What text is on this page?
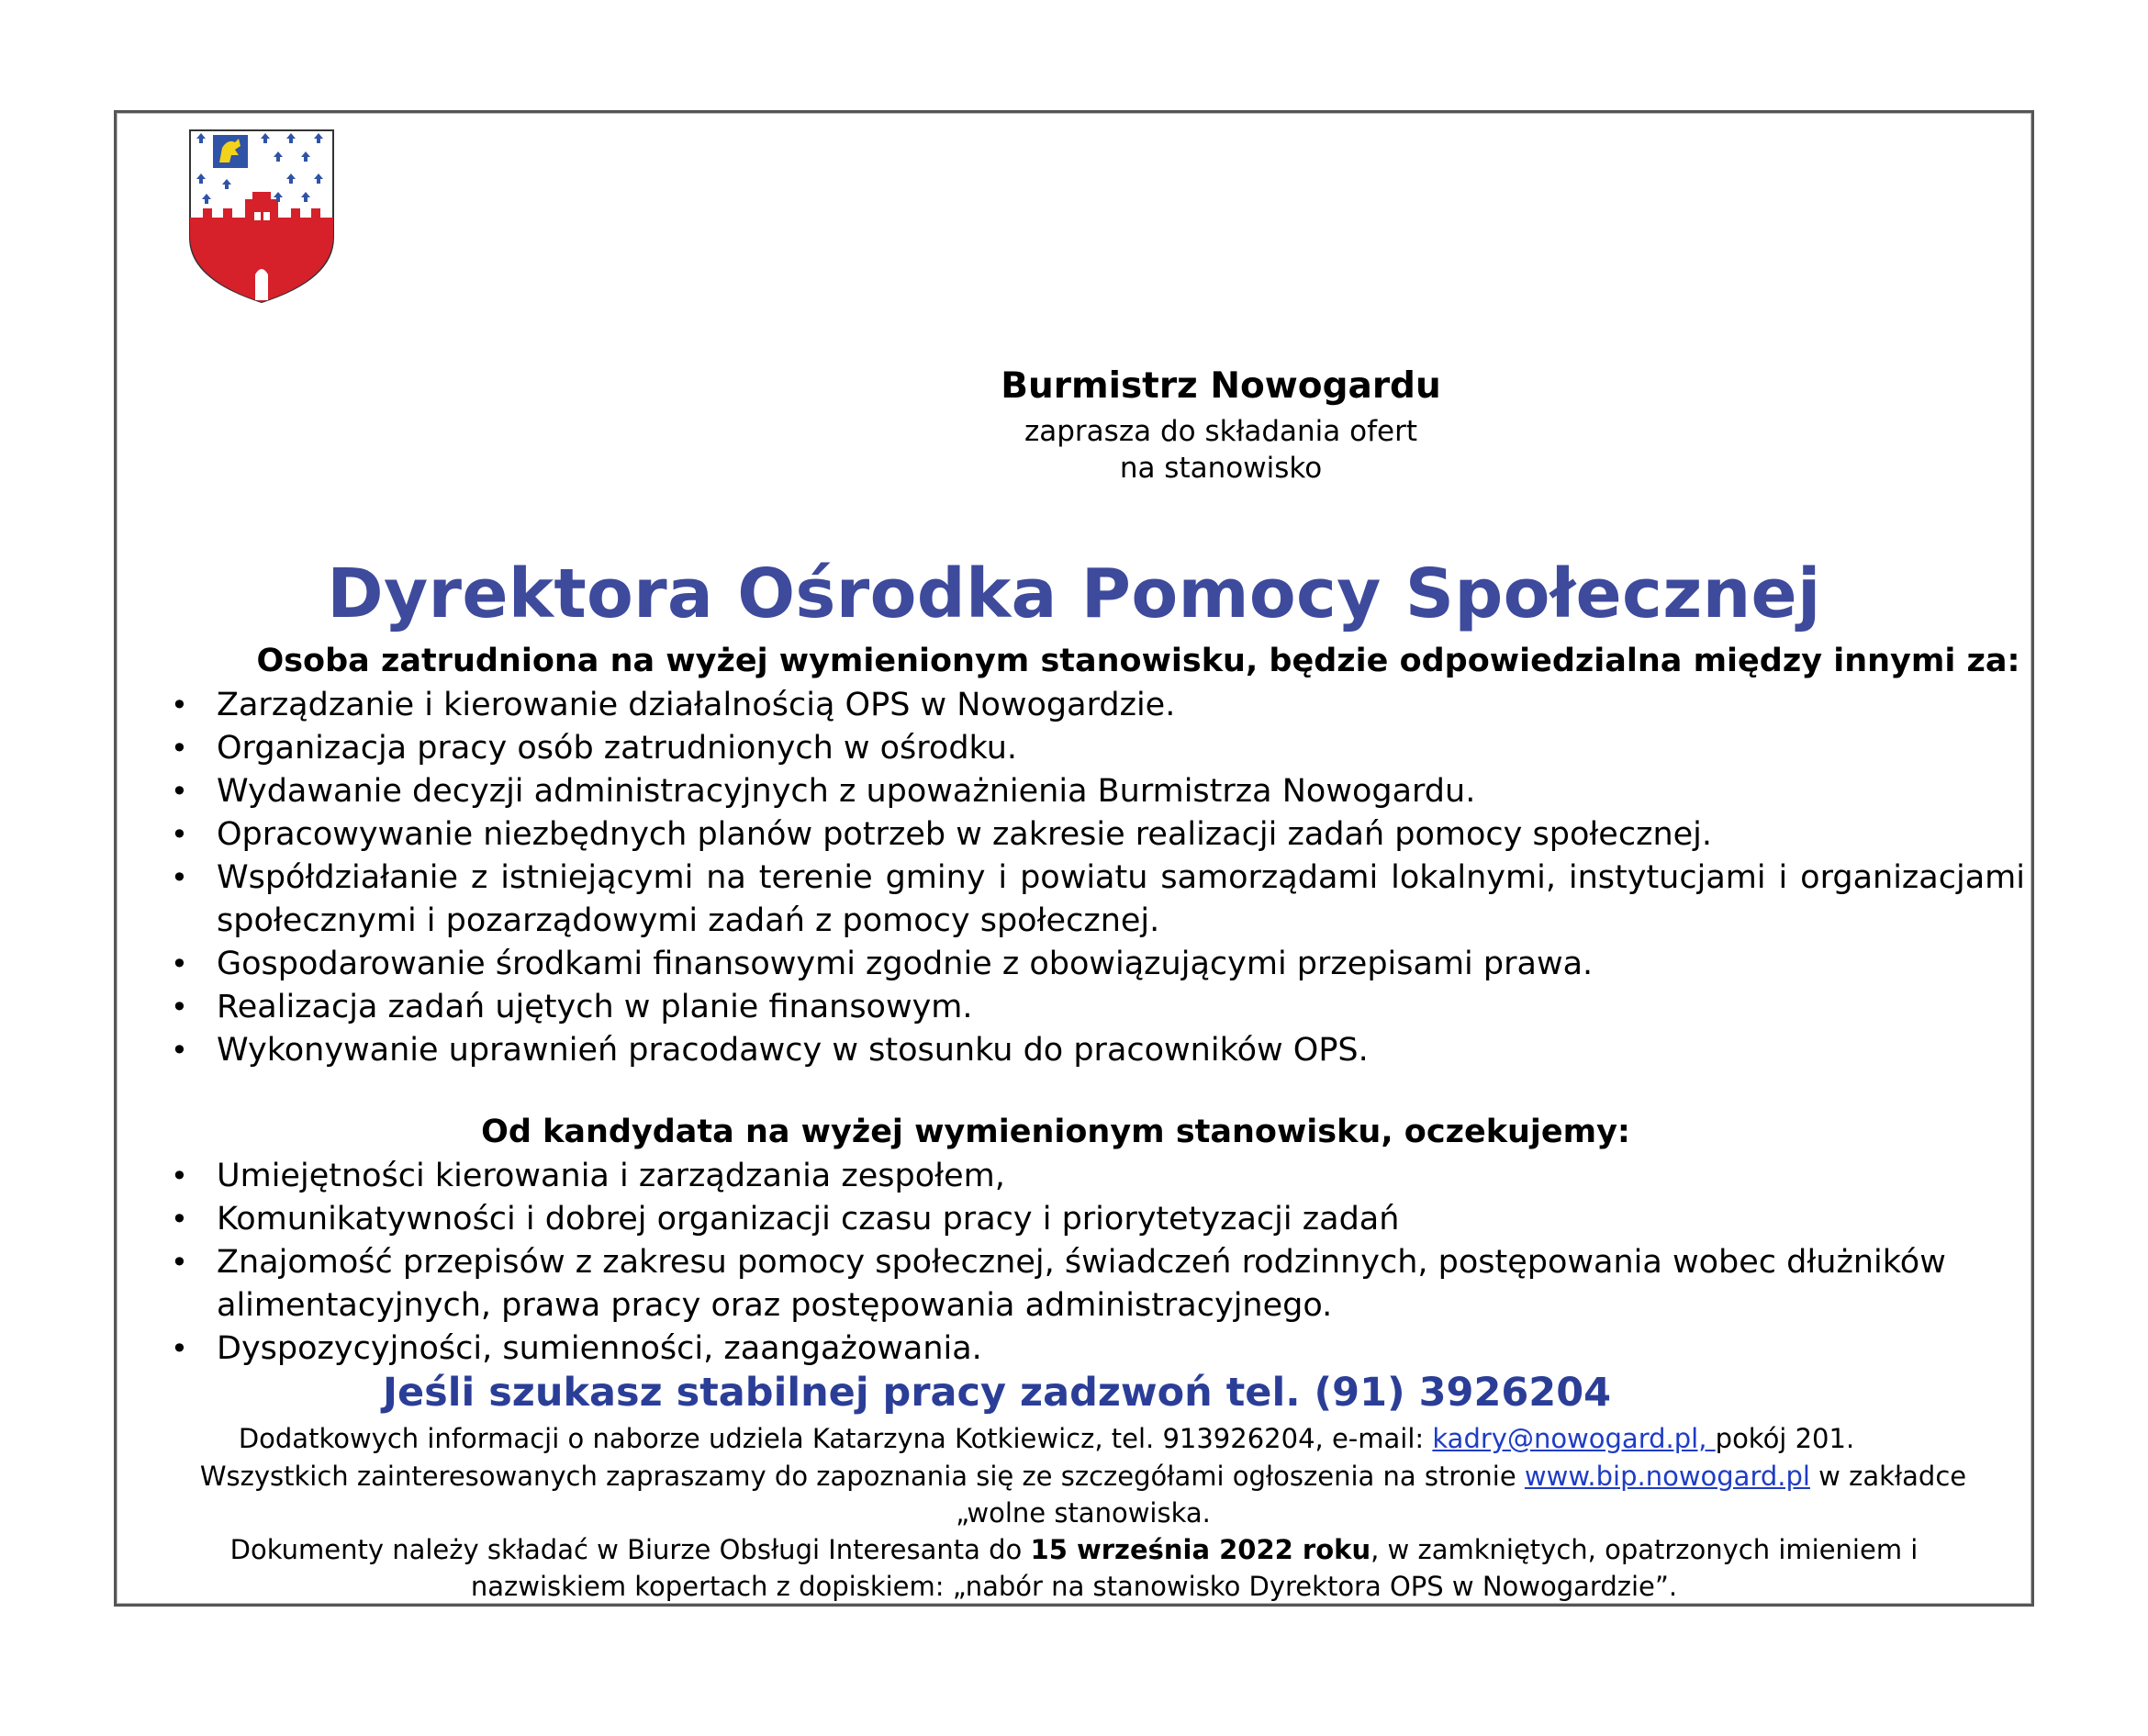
Burmistrz Nowogardu
zaprasza do składania ofert
na stanowisko
Dyrektora Ośrodka Pomocy Społecznej
Osoba zatrudniona na wyżej wymienionym stanowisku, będzie odpowiedzialna między innymi za:
• Zarządzanie i kierowanie działalnością OPS w Nowogardzie.
• Organizacja pracy osób zatrudnionych w ośrodku.
• Wydawanie decyzji administracyjnych z upoważnienia Burmistrza Nowogardu.
• Opracowywanie niezbędnych planów potrzeb w zakresie realizacji zadań pomocy społecznej.
• Współdziałanie z istniejącymi na terenie gminy i powiatu samorządami lokalnymi, instytucjami i organizacjami społecznymi i pozarządowymi zadań z pomocy społecznej.
• Gospodarowanie środkami finansowymi zgodnie z obowiązującymi przepisami prawa.
• Realizacja zadań ujętych w planie finansowym.
• Wykonywanie uprawnień pracodawcy w stosunku do pracowników OPS.
Od kandydata na wyżej wymienionym stanowisku, oczekujemy:
• Umiejętności kierowania i zarządzania zespołem,
• Komunikatywności i dobrej organizacji czasu pracy i priorytetyzacji zadań
• Znajomość przepisów z zakresu pomocy społecznej, świadczeń rodzinnych, postępowania wobec dłużników alimentacyjnych, prawa pracy oraz postępowania administracyjnego.
• Dyspozycyjności, sumienności, zaangażowania.
Jeśli szukasz stabilnej pracy zadzwoń tel. (91) 3926204
Dodatkowych informacji o naborze udziela Katarzyna Kotkiewicz, tel. 913926204, e-mail: kadry@nowogard.pl, pokój 201.
Wszystkich zainteresowanych zapraszamy do zapoznania się ze szczegółami ogłoszenia na stronie www.bip.nowogard.pl w zakładce
„wolne stanowiska.
Dokumenty należy składać w Biurze Obsługi Interesanta do 15 września 2022 roku, w zamkniętych, opatrzonych imieniem i
nazwiskiem kopertach z dopiskiem: „nabór na stanowisko Dyrektora OPS w Nowogardzie”.
